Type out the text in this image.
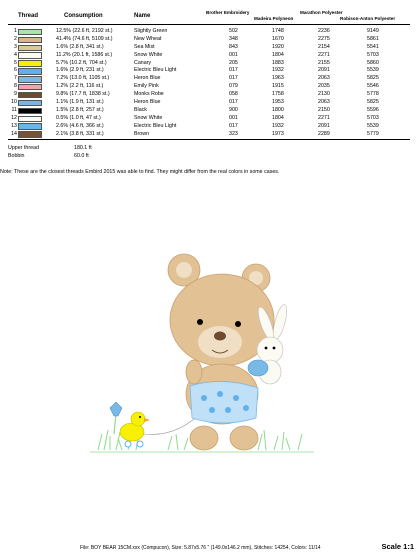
Thread	Consumption	Name
Brother Embroidery
Madeira Polyneon
Marathon Polyester
Robison-Anton Polyester
1	12.5% (22.6 ft, 2192 st.)	Slightly Green	502	1748	2236	9149
2	41.4% (74.6 ft, 5109 st.)	New Wheat	348	1670	2275	5861
3	1.6% (2.8 ft, 341 st.)	Sea Mist	843	1920	2154	5541
4	11.2% (20.1 ft, 1586 st.)	Snow White	001	1804	2271	5703
5	5.7% (10.2 ft, 704 st.)	Canary	205	1883	2155	5860
6	1.6% (2.9 ft, 231 st.)	Electric Bleu Light	017	1932	2091	5539
7	7.2% (13.0 ft, 1105 st.)	Heron Blue	017	1963	2063	5825
8	1.2% (2.2 ft, 116 st.)	Emily Pink	079	1915	2035	5546
9	9.8% (17.7 ft, 1838 st.)	Monks Robe	058	1758	2130	5778
10	1.1% (1.9 ft, 131 st.)	Heron Blue	017	1953	2063	5825
11	1.5% (2.8 ft, 257 st.)	Black	900	1800	2150	5596
12	0.5% (1.0 ft, 47 st.)	Snow White	001	1804	2271	5703
13	2.6% (4.6 ft, 366 st.)	Electric Bleu Light	017	1932	2091	5539
14	2.1% (3.8 ft, 331 st.)	Brown	323	1973	2289	5779
Upper thread	180.1 ft
Bobbin	60.0 ft
Note: These are the closest threads Embird 2015 was able to find. They might differ from the real colors in some cases.
File: BOY BEAR 15CM.xxx (Compucon), Size: 5.87x5.76 " (149.0x146.2 mm), Stitches: 14254, Colors: 11/14	Scale 1:1
